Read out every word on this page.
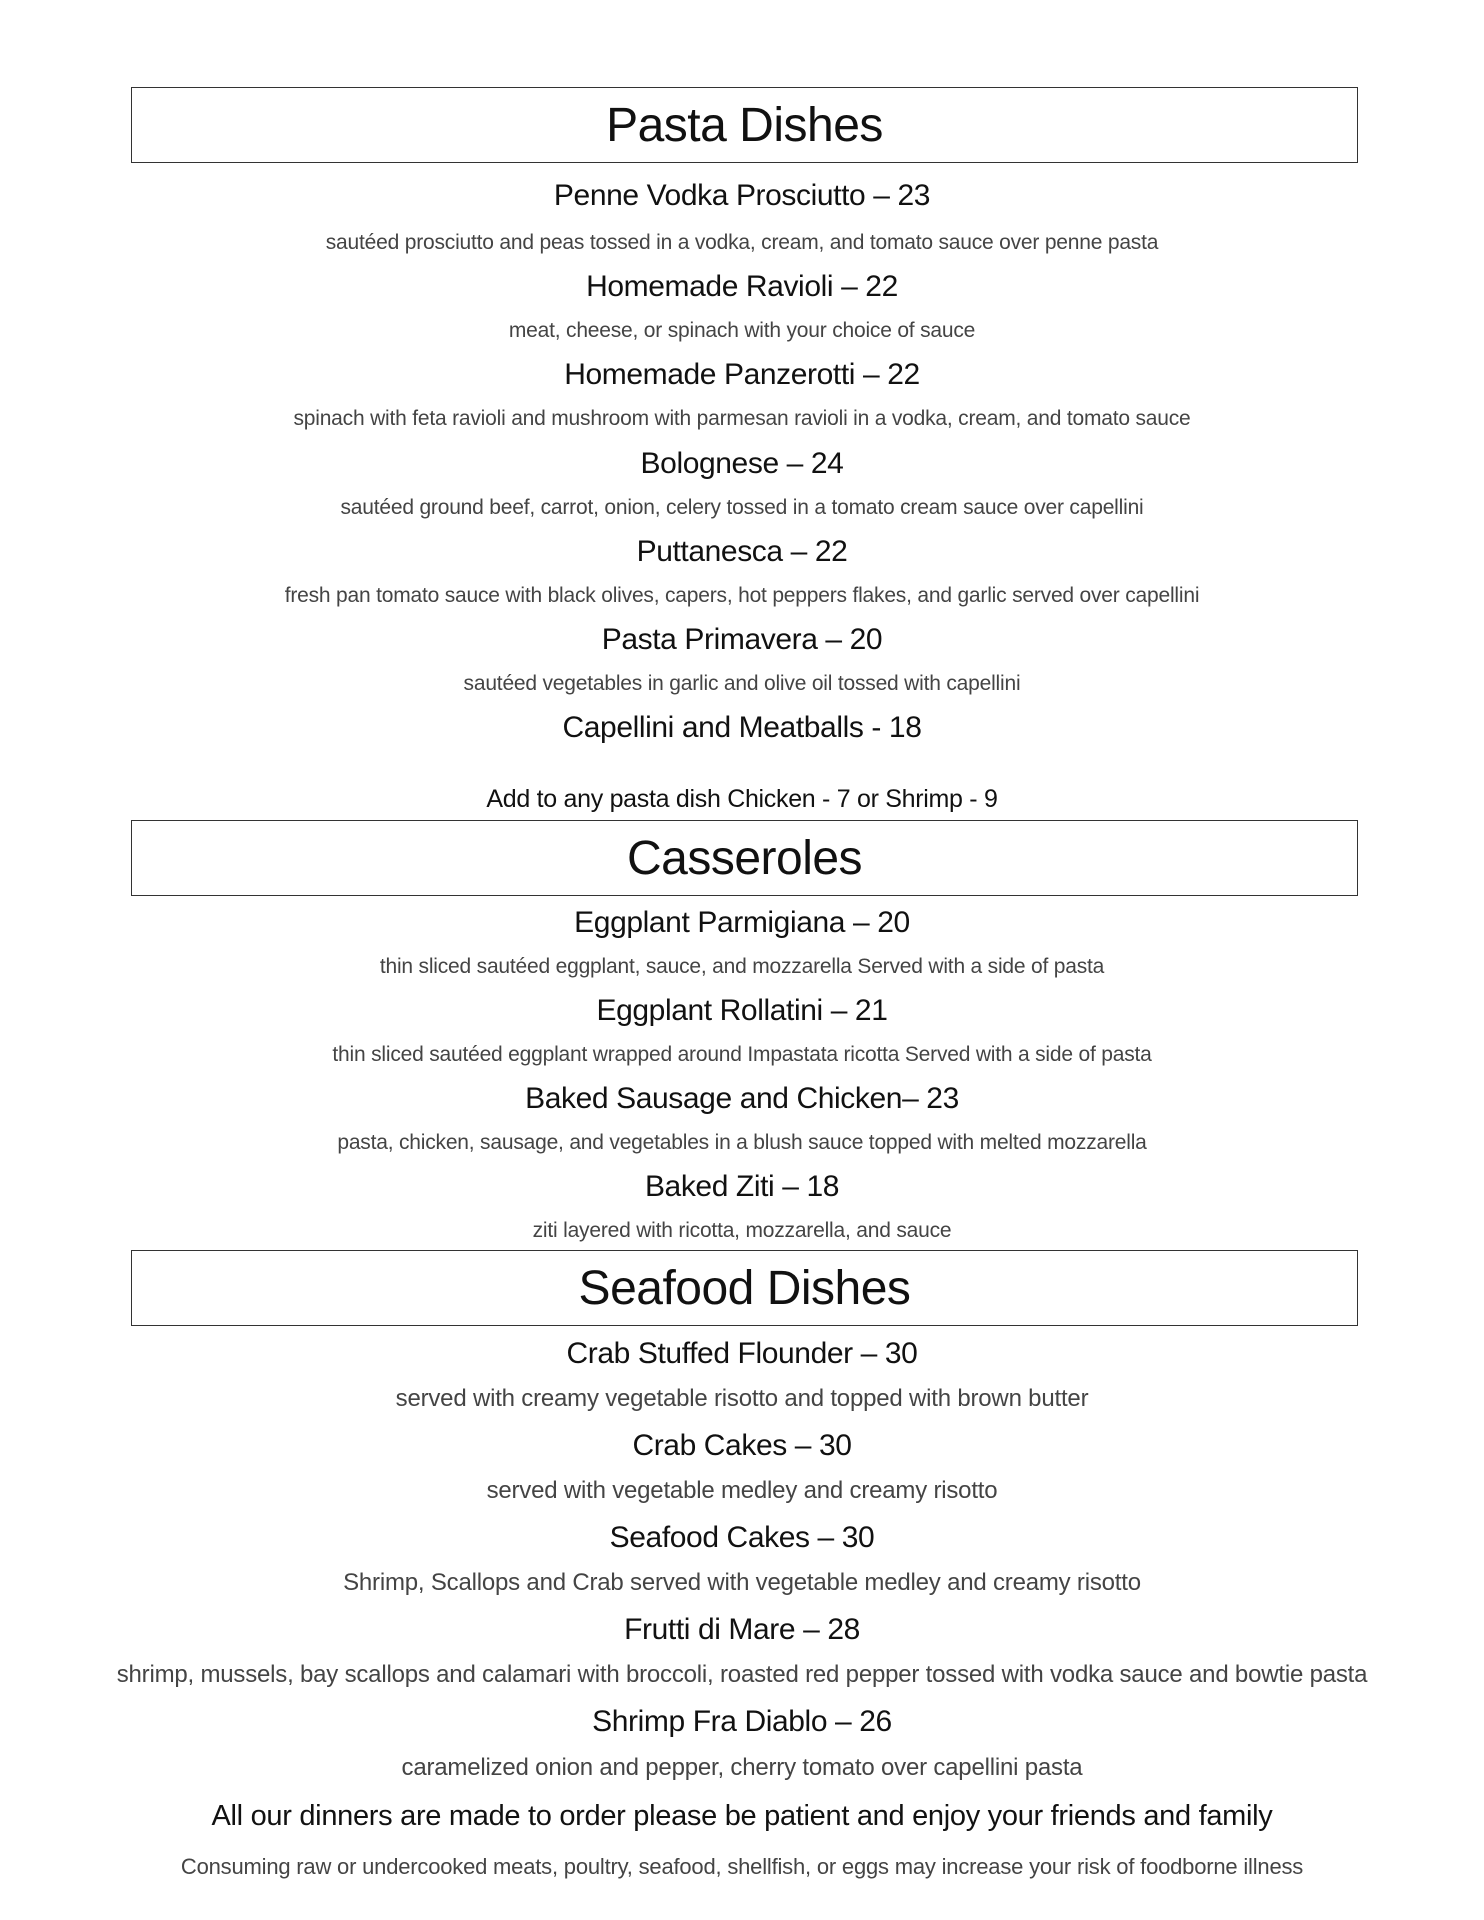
Pasta Dishes
Penne Vodka Prosciutto – 23
sautéed prosciutto and peas tossed in a vodka, cream, and tomato sauce over penne pasta
Homemade Ravioli – 22
meat, cheese, or spinach with your choice of sauce
Homemade Panzerotti – 22
spinach with feta ravioli and mushroom with parmesan ravioli in a vodka, cream, and tomato sauce
Bolognese – 24
sautéed ground beef, carrot, onion, celery tossed in a tomato cream sauce over capellini
Puttanesca – 22
fresh pan tomato sauce with black olives, capers, hot peppers flakes, and garlic served over capellini
Pasta Primavera – 20
sautéed vegetables in garlic and olive oil tossed with capellini
Capellini and Meatballs - 18
Add to any pasta dish Chicken - 7 or Shrimp - 9
Casseroles
Eggplant Parmigiana – 20
thin sliced sautéed eggplant, sauce, and mozzarella Served with a side of pasta
Eggplant Rollatini – 21
thin sliced sautéed eggplant wrapped around Impastata ricotta Served with a side of pasta
Baked Sausage and Chicken– 23
pasta, chicken, sausage, and vegetables in a blush sauce topped with melted mozzarella
Baked Ziti – 18
ziti layered with ricotta, mozzarella, and sauce
Seafood Dishes
Crab Stuffed Flounder – 30
served with creamy vegetable risotto and topped with brown butter
Crab Cakes – 30
served with vegetable medley and creamy risotto
Seafood Cakes – 30
Shrimp, Scallops and Crab served with vegetable medley and creamy risotto
Frutti di Mare – 28
shrimp, mussels, bay scallops and calamari with broccoli, roasted red pepper tossed with vodka sauce and bowtie pasta
Shrimp Fra Diablo – 26
caramelized onion and pepper, cherry tomato over capellini pasta
All our dinners are made to order please be patient and enjoy your friends and family
Consuming raw or undercooked meats, poultry, seafood, shellfish, or eggs may increase your risk of foodborne illness
